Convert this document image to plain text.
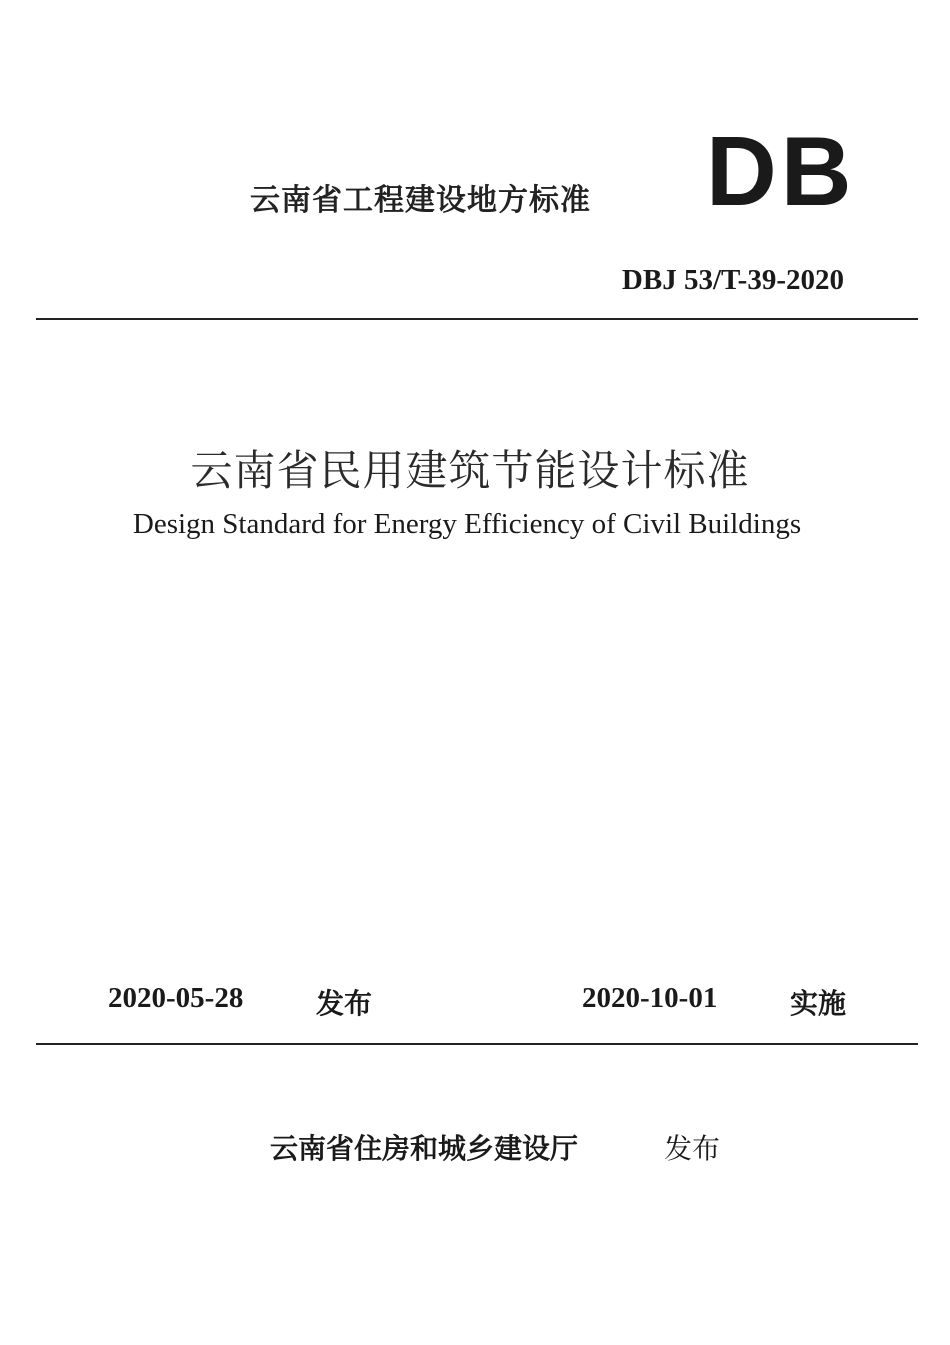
云南省工程建设地方标准 DB
DBJ 53/T-39-2020
云南省民用建筑节能设计标准
Design Standard for Energy Efficiency of Civil Buildings
2020-05-28	发布	2020-10-01	实施
云南省住房和城乡建设厅	发布
